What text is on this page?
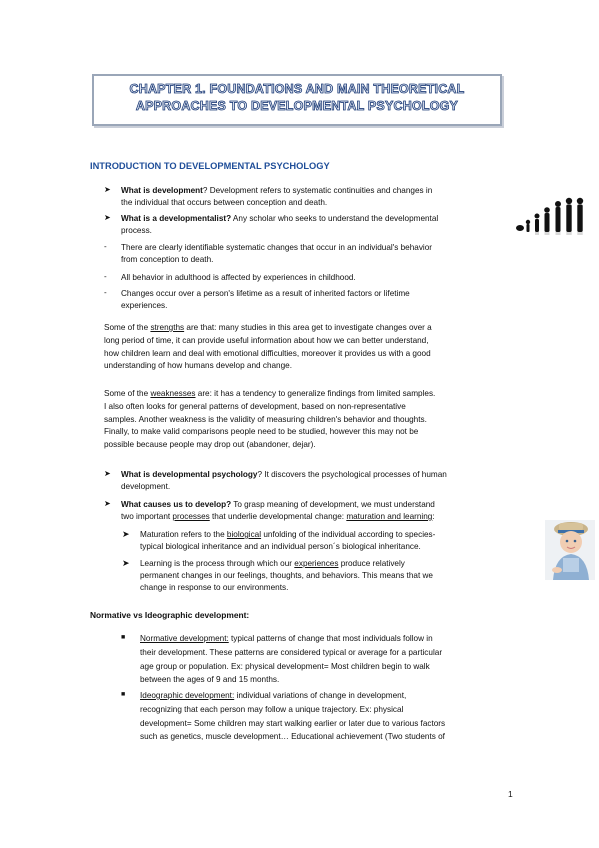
CHAPTER 1. FOUNDATIONS AND MAIN THEORETICAL
APPROACHES TO DEVELOPMENTAL PSYCHOLOGY
INTRODUCTION TO DEVELOPMENTAL PSYCHOLOGY
➤ What is development? Development refers to systematic continuities and changes in
the individual that occurs between conception and death.
➤ What is a developmentalist? Any scholar who seeks to understand the developmental
process.
- There are clearly identifiable systematic changes that occur in an individual's behavior
from conception to death.
- All behavior in adulthood is affected by experiences in childhood.
- Changes occur over a person's lifetime as a result of inherited factors or lifetime
experiences.
Some of the strengths are that: many studies in this area get to investigate changes over a
long period of time, it can provide useful information about how we can better understand,
how children learn and deal with emotional difficulties, moreover it provides us with a good
understanding of how humans develop and change.
Some of the weaknesses are: it has a tendency to generalize findings from limited samples.
I also often looks for general patterns of development, based on non-representative
samples. Another weakness is the validity of measuring children's behavior and thoughts.
Finally, to make valid comparisons people need to be studied, however this may not be
possible because people may drop out (abandoner, dejar).
➤ What is developmental psychology? It discovers the psychological processes of human
development.
➤ What causes us to develop? To grasp meaning of development, we must understand
two important processes that underlie developmental change: maturation and learning:
➤ Maturation refers to the biological unfolding of the individual according to species-
typical biological inheritance and an individual person´s biological inheritance.
➤ Learning is the process through which our experiences produce relatively
permanent changes in our feelings, thoughts, and behaviors. This means that we
change in response to our environments.
Normative vs Ideographic development:
■ Normative development: typical patterns of change that most individuals follow in
their development. These patterns are considered typical or average for a particular
age group or population. Ex: physical development= Most children begin to walk
between the ages of 9 and 15 months.
■ Ideographic development: individual variations of change in development,
recognizing that each person may follow a unique trajectory. Ex: physical
development= Some children may start walking earlier or later due to various factors
such as genetics, muscle development… Educational achievement (Two students of
1
